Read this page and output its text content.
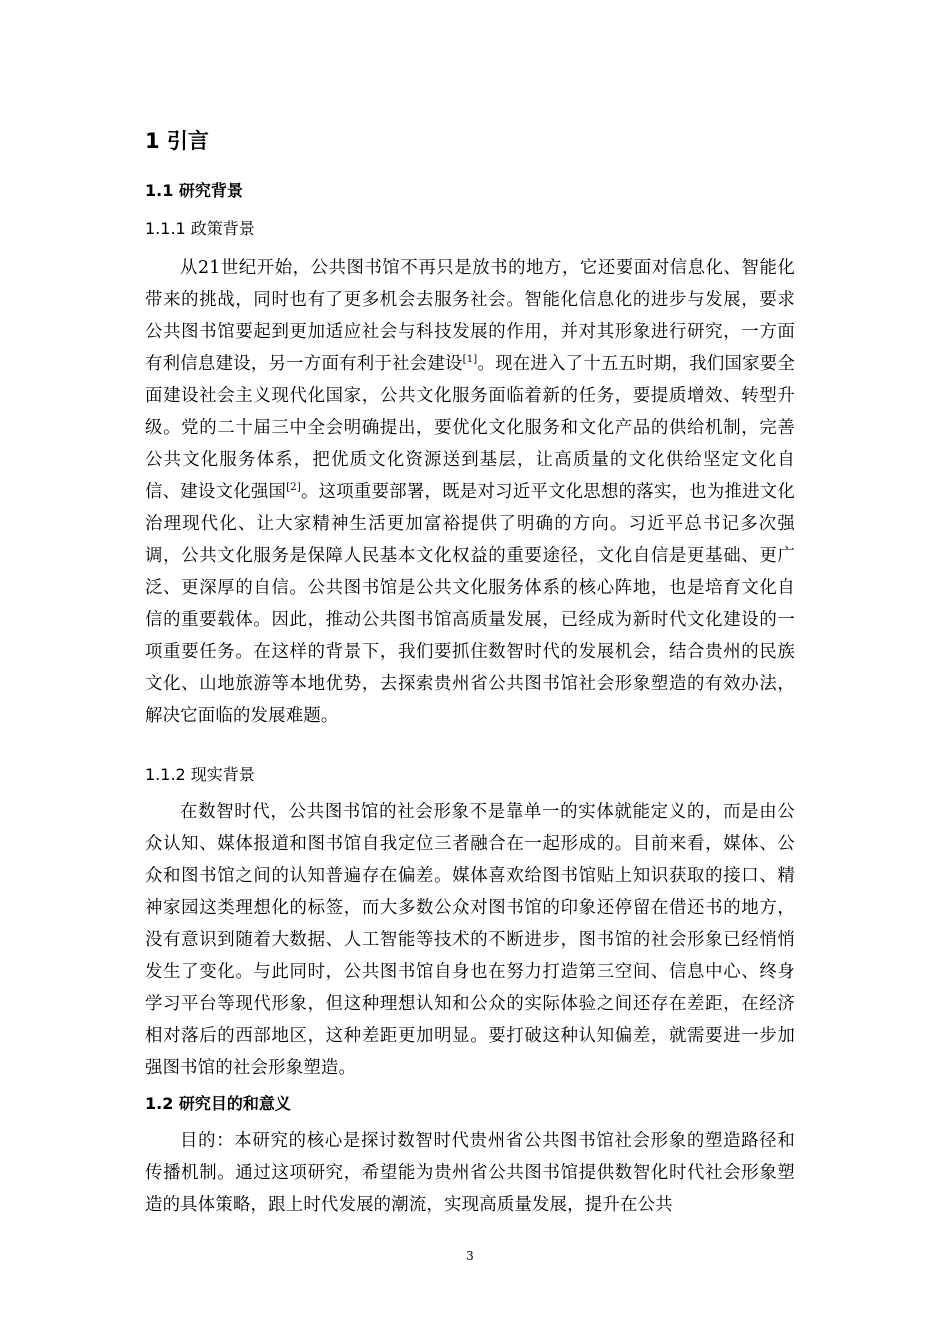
1 引言
1.1 研究背景
1.1.1 政策背景

从21世纪开始，公共图书馆不再只是放书的地方，它还要面对信息化、智能化带来的挑战，同时也有了更多机会去服务社会。智能化信息化的进步与发展，要求公共图书馆要起到更加适应社会与科技发展的作用，并对其形象进行研究，一方面有利信息建设，另一方面有利于社会建设[1]。现在进入了十五五时期，我们国家要全面建设社会主义现代化国家，公共文化服务面临着新的任务，要提质增效、转型升级。党的二十届三中全会明确提出，要优化文化服务和文化产品的供给机制，完善公共文化服务体系，把优质文化资源送到基层，让高质量的文化供给坚定文化自信、建设文化强国[2]。这项重要部署，既是对习近平文化思想的落实，也为推进文化治理现代化、让大家精神生活更加富裕提供了明确的方向。习近平总书记多次强调，公共文化服务是保障人民基本文化权益的重要途径，文化自信是更基础、更广泛、更深厚的自信。公共图书馆是公共文化服务体系的核心阵地，也是培育文化自信的重要载体。因此，推动公共图书馆高质量发展，已经成为新时代文化建设的一项重要任务。在这样的背景下，我们要抓住数智时代的发展机会，结合贵州的民族文化、山地旅游等本地优势，去探索贵州省公共图书馆社会形象塑造的有效办法，解决它面临的发展难题。

1.1.2 现实背景

在数智时代，公共图书馆的社会形象不是靠单一的实体就能定义的，而是由公众认知、媒体报道和图书馆自我定位三者融合在一起形成的。目前来看，媒体、公众和图书馆之间的认知普遍存在偏差。媒体喜欢给图书馆贴上知识获取的接口、精神家园这类理想化的标签，而大多数公众对图书馆的印象还停留在借还书的地方，没有意识到随着大数据、人工智能等技术的不断进步，图书馆的社会形象已经悄悄发生了变化。与此同时，公共图书馆自身也在努力打造第三空间、信息中心、终身学习平台等现代形象，但这种理想认知和公众的实际体验之间还存在差距，在经济相对落后的西部地区，这种差距更加明显。要打破这种认知偏差，就需要进一步加强图书馆的社会形象塑造。

1.2 研究目的和意义

目的：本研究的核心是探讨数智时代贵州省公共图书馆社会形象的塑造路径和传播机制。通过这项研究，希望能为贵州省公共图书馆提供数智化时代社会形象塑造的具体策略，跟上时代发展的潮流，实现高质量发展，提升在公共

3
